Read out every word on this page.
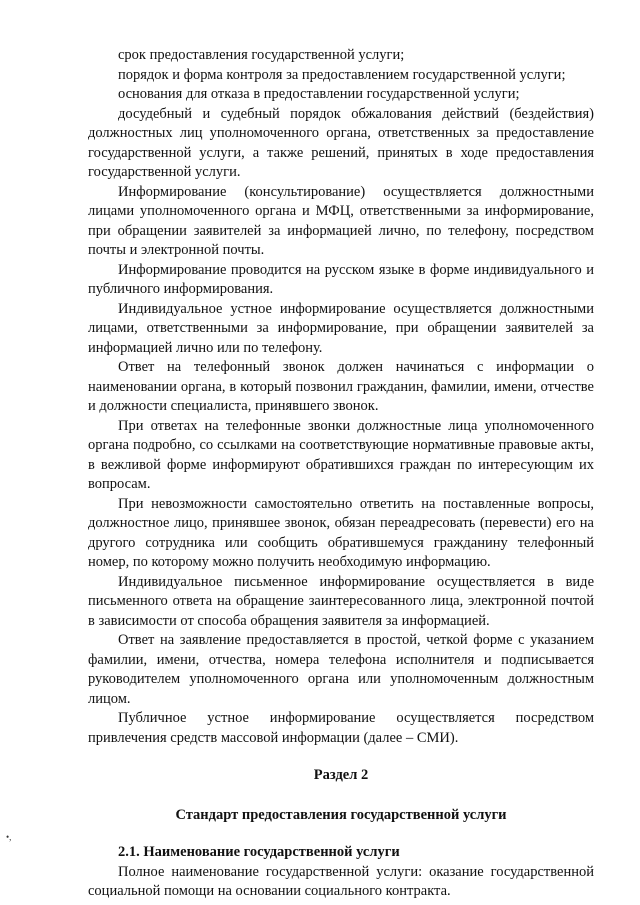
срок предоставления государственной услуги;

порядок и форма контроля за предоставлением государственной услуги;

основания для отказа в предоставлении государственной услуги;

досудебный и судебный порядок обжалования действий (бездействия) должностных лиц уполномоченного органа, ответственных за предоставление государственной услуги, а также решений, принятых в ходе предоставления государственной услуги.

Информирование (консультирование) осуществляется должностными лицами уполномоченного органа и МФЦ, ответственными за информирование, при обращении заявителей за информацией лично, по телефону, посредством почты и электронной почты.

Информирование проводится на русском языке в форме индивидуального и публичного информирования.

Индивидуальное устное информирование осуществляется должностными лицами, ответственными за информирование, при обращении заявителей за информацией лично или по телефону.

Ответ на телефонный звонок должен начинаться с информации о наименовании органа, в который позвонил гражданин, фамилии, имени, отчестве и должности специалиста, принявшего звонок.

При ответах на телефонные звонки должностные лица уполномоченного органа подробно, со ссылками на соответствующие нормативные правовые акты, в вежливой форме информируют обратившихся граждан по интересующим их вопросам.

При невозможности самостоятельно ответить на поставленные вопросы, должностное лицо, принявшее звонок, обязан переадресовать (перевести) его на другого сотрудника или сообщить обратившемуся гражданину телефонный номер, по которому можно получить необходимую информацию.

Индивидуальное письменное информирование осуществляется в виде письменного ответа на обращение заинтересованного лица, электронной почтой в зависимости от способа обращения заявителя за информацией.

Ответ на заявление предоставляется в простой, четкой форме с указанием фамилии, имени, отчества, номера телефона исполнителя и подписывается руководителем уполномоченного органа или уполномоченным должностным лицом.

Публичное устное информирование осуществляется посредством привлечения средств массовой информации (далее – СМИ).

Раздел 2

Стандарт предоставления государственной услуги

2.1. Наименование государственной услуги

Полное наименование государственной услуги: оказание государственной социальной помощи на основании социального контракта.

•,
